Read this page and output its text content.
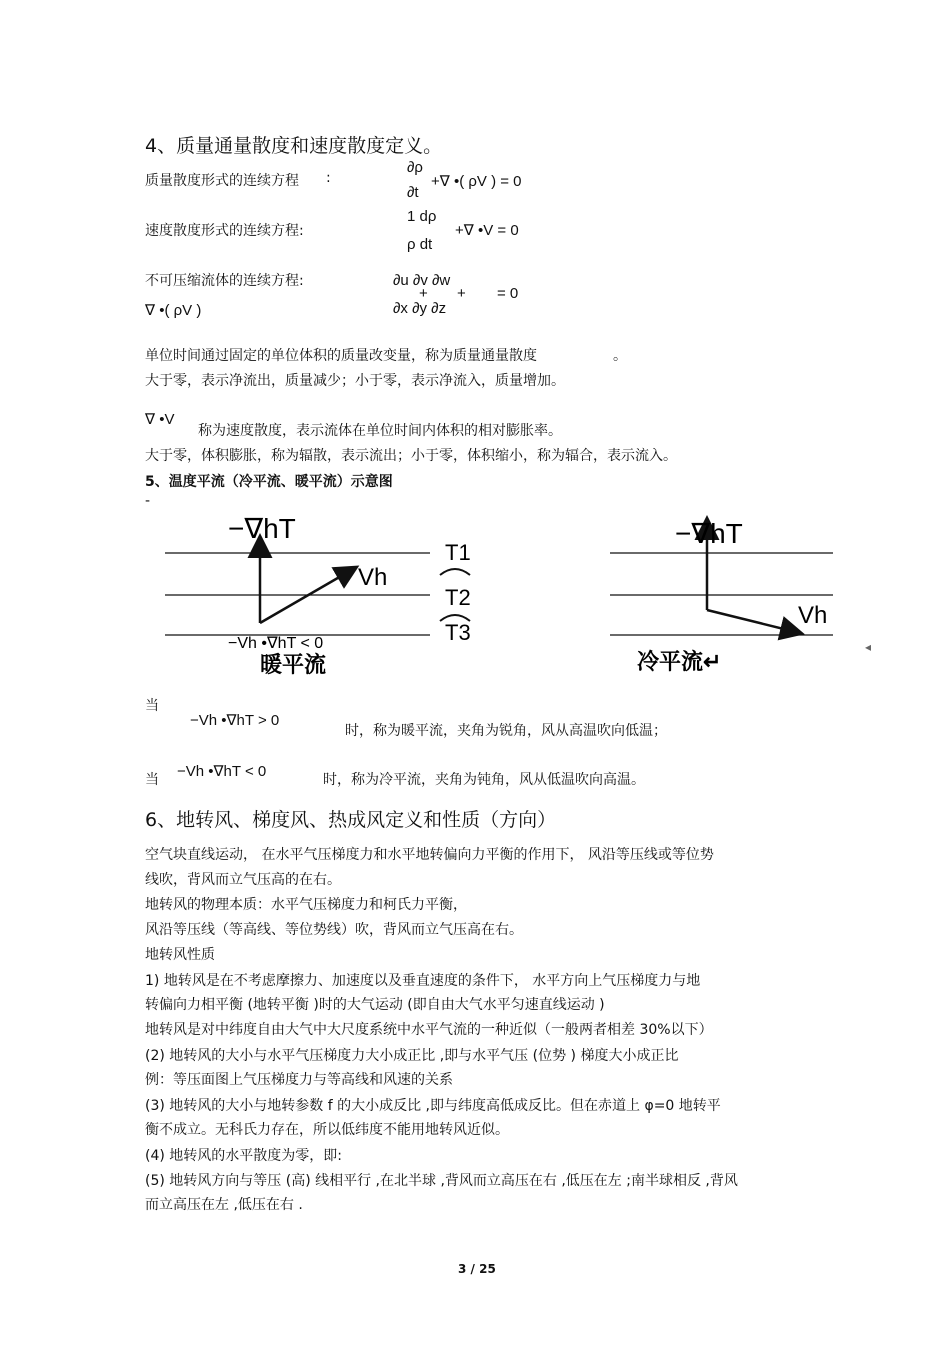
4、质量通量散度和速度散度定义。
质量散度形式的连续方程 :
∂ρ
∂t
+∇ •( ρV ) = 0
速度散度形式的连续方程:
1 dρ
ρ dt
+∇ •V = 0
不可压缩流体的连续方程:
∇ •( ρV )
∂u ∂v ∂w
∂x ∂y ∂z
+ + = 0
单位时间通过固定的单位体积的质量改变量，称为质量通量散度	。
大于零，表示净流出，质量减少；小于零，表示净流入，质量增加。
∇ •V
称为速度散度，表示流体在单位时间内体积的相对膨胀率。
大于零，体积膨胀，称为辐散，表示流出；小于零，体积缩小，称为辐合，表示流入。
5、温度平流（冷平流、暖平流）示意图
-
−∇hT
Vh
−Vh •∇hT < 0
暖平流
T1
T2
T3
−∇hT
Vh
冷平流↵
◂
当
−Vh •∇hT > 0
时，称为暖平流，夹角为锐角，风从高温吹向低温；
当 −Vh •∇hT < 0	时，称为冷平流，夹角为钝角，风从低温吹向高温。
6、地转风、梯度风、热成风定义和性质（方向）
空气块直线运动， 在水平气压梯度力和水平地转偏向力平衡的作用下， 风沿等压线或等位势
线吹，背风而立气压高的在右。
地转风的物理本质：水平气压梯度力和柯氏力平衡，
风沿等压线（等高线、等位势线）吹，背风而立气压高在右。
地转风性质
1) 地转风是在不考虑摩擦力、加速度以及垂直速度的条件下， 水平方向上气压梯度力与地
转偏向力相平衡 (地转平衡 )时的大气运动 (即自由大气水平匀速直线运动 )
地转风是对中纬度自由大气中大尺度系统中水平气流的一种近似（一般两者相差 30%以下）
(2) 地转风的大小与水平气压梯度力大小成正比 ,即与水平气压 (位势 ) 梯度大小成正比
例：等压面图上气压梯度力与等高线和风速的关系
(3) 地转风的大小与地转参数 f 的大小成反比 ,即与纬度高低成反比。但在赤道上 φ=0 地转平
衡不成立。无科氏力存在，所以低纬度不能用地转风近似。
(4) 地转风的水平散度为零，即:
(5) 地转风方向与等压 (高) 线相平行 ,在北半球 ,背风而立高压在右 ,低压在左 ;南半球相反 ,背风
而立高压在左 ,低压在右 .
3 / 25
